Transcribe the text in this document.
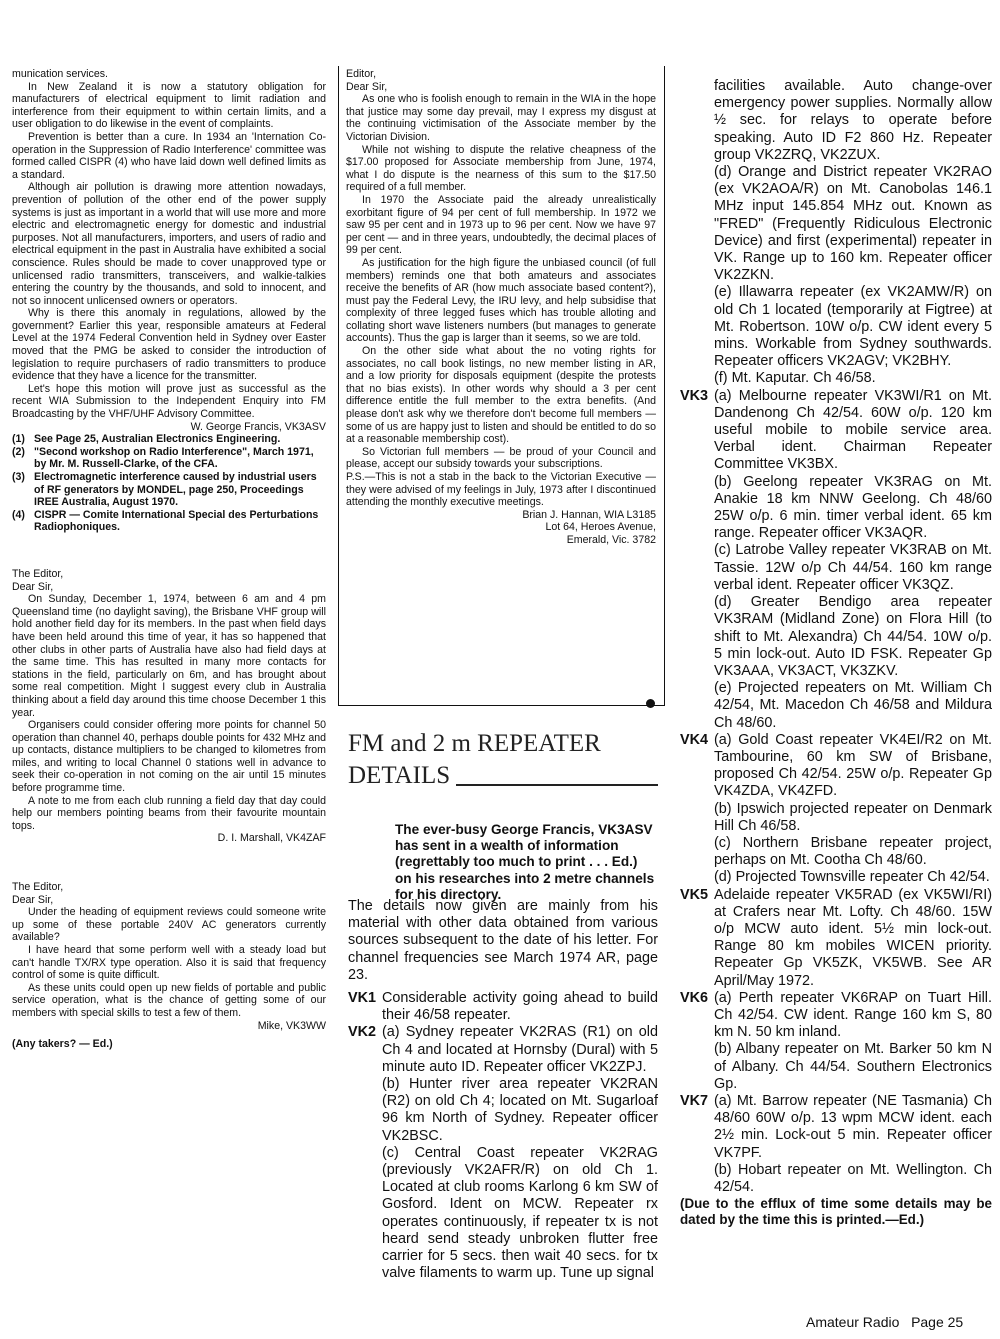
munication services.

In New Zealand it is now a statutory obligation for manufacturers of electrical equipment to limit radiation and interference from their equipment to within certain limits, and a user obligation to do likewise in the event of complaints.

Prevention is better than a cure. In 1934 an 'Internation Co-operation in the Suppression of Radio Interference' committee was formed called CISPR (4) who have laid down well defined limits as a standard.

Although air pollution is drawing more attention nowadays, prevention of pollution of the other end of the power supply systems is just as important in a world that will use more and more electric and electromagnetic energy for domestic and industrial purposes. Not all manufacturers, importers, and users of radio and electrical equipment in the past in Australia have exhibited a social conscience. Rules should be made to cover unapproved type or unlicensed radio transmitters, transceivers, and walkie-talkies entering the country by the thousands, and sold to innocent, and not so innocent unlicensed owners or operators.

Why is there this anomaly in regulations, allowed by the government? Earlier this year, responsible amateurs at Federal Level at the 1974 Federal Convention held in Sydney over Easter moved that the PMG be asked to consider the introduction of legislation to require purchasers of radio transmitters to produce evidence that they have a licence for the transmitter.

Let's hope this motion will prove just as successful as the recent WIA Submission to the Independent Enquiry into FM Broadcasting by the VHF/UHF Advisory Committee.

W. George Francis, VK3ASV

(1) See Page 25, Australian Electronics Engineering.
(2) "Second workshop on Radio Interference", March 1971, by Mr. M. Russell-Clarke, of the CFA.
(3) Electromagnetic interference caused by industrial users of RF generators by MONDEL, page 250, Proceedings IREE Australia, August 1970.
(4) CISPR — Comite International Special des Perturbations Radiophoniques.

The Editor,

Dear Sir,

On Sunday, December 1, 1974, between 6 am and 4 pm Queensland time (no daylight saving), the Brisbane VHF group will hold another field day for its members. In the past when field days have been held around this time of year, it has so happened that other clubs in other parts of Australia have also had field days at the same time. This has resulted in many more contacts for stations in the field, particularly on 6m, and has brought about some real competition. Might I suggest every club in Australia thinking about a field day around this time choose December 1 this year.

Organisers could consider offering more points for channel 50 operation than channel 40, perhaps double points for 432 MHz and up contacts, distance multipliers to be changed to kilometres from miles, and writing to local Channel 0 stations well in advance to seek their co-operation in not coming on the air until 15 minutes before programme time.

A note to me from each club running a field day that day could help our members pointing beams from their favourite mountain tops.

D. I. Marshall, VK4ZAF

The Editor,

Dear Sir,

Under the heading of equipment reviews could someone write up some of these portable 240V AC generators currently available?

I have heard that some perform well with a steady load but can't handle TX/RX type operation. Also it is said that frequency control of some is quite difficult.

As these units could open up new fields of portable and public service operation, what is the chance of getting some of our members with special skills to test a few of them.

Mike, VK3WW

(Any takers? — Ed.)

Editor,

Dear Sir,

As one who is foolish enough to remain in the WIA in the hope that justice may some day prevail, may I express my disgust at the continuing victimisation of the Associate member by the Victorian Division.

While not wishing to dispute the relative cheapness of the $17.00 proposed for Associate membership from June, 1974, what I do dispute is the nearness of this sum to the $17.50 required of a full member.

In 1970 the Associate paid the already unrealistically exorbitant figure of 94 per cent of full membership. In 1972 we saw 95 per cent and in 1973 up to 96 per cent. Now we have 97 per cent — and in three years, undoubtedly, the decimal places of 99 per cent.

As justification for the high figure the unbiased council (of full members) reminds one that both amateurs and associates receive the benefits of AR (how much associate based content?), must pay the Federal Levy, the IRU levy, and help subsidise that complexity of three legged fuses which has trouble alloting and collating short wave listeners numbers (but manages to generate accounts). Thus the gap is larger than it seems, so we are told.

On the other side what about the no voting rights for associates, no call book listings, no new member listing in AR, and a low priority for disposals equipment (despite the protests that no bias exists). In other words why should a 3 per cent difference entitle the full member to the extra benefits. (And please don't ask why we therefore don't become full members — some of us are happy just to listen and should be entitled to do so at a reasonable membership cost).

So Victorian full members — be proud of your Council and please, accept our subsidy towards your subscriptions.

P.S.—This is not a stab in the back to the Victorian Executive — they were advised of my feelings in July, 1973 after I discontinued attending the monthly executive meetings.

Brian J. Hannan, WIA L3185

Lot 64, Heroes Avenue,

Emerald, Vic. 3782

FM and 2 m REPEATER
DETAILS
The ever-busy George Francis, VK3ASV has sent in a wealth of information (regrettably too much to print . . . Ed.) on his researches into 2 metre channels for his directory.

The details now given are mainly from his material with other data obtained from various sources subsequent to the date of his letter. For channel frequencies see March 1974 AR, page 23.

VK1 Considerable activity going ahead to build their 46/58 repeater.
VK2 (a) Sydney repeater VK2RAS (R1) on old Ch 4 and located at Hornsby (Dural) with 5 minute auto ID. Repeater officer VK2ZPJ.
(b) Hunter river area repeater VK2RAN (R2) on old Ch 4; located on Mt. Sugarloaf 96 km North of Sydney. Repeater officer VK2BSC.
(c) Central Coast repeater VK2RAG (previously VK2AFR/R) on old Ch 1. Located at club rooms Karlong 6 km SW of Gosford. Ident on MCW. Repeater rx operates continuously, if repeater tx is not heard send steady unbroken flutter free carrier for 5 secs. then wait 40 secs. for tx valve filaments to warm up. Tune up signal
facilities available. Auto change-over emergency power supplies. Normally allow ½ sec. for relays to operate before speaking. Auto ID F2 860 Hz. Repeater group VK2ZRQ, VK2ZUX.
(d) Orange and District repeater VK2RAO (ex VK2AOA/R) on Mt. Canobolas 146.1 MHz input 145.854 MHz out. Known as "FRED" (Frequently Ridiculous Electronic Device) and first (experimental) repeater in VK. Range up to 160 km. Repeater officer VK2ZKN.
(e) Illawarra repeater (ex VK2AMW/R) on old Ch 1 located (temporarily at Figtree) at Mt. Robertson. 10W o/p. CW ident every 5 mins. Workable from Sydney southwards. Repeater officers VK2AGV; VK2BHY.
(f) Mt. Kaputar. Ch 46/58.
VK3 (a) Melbourne repeater VK3WI/R1 on Mt. Dandenong Ch 42/54. 60W o/p. 120 km useful mobile to mobile service area. Verbal ident. Chairman Repeater Committee VK3BX.
(b) Geelong repeater VK3RAG on Mt. Anakie 18 km NNW Geelong. Ch 48/60 25W o/p. 6 min. timer verbal ident. 65 km range. Repeater officer VK3AQR.
(c) Latrobe Valley repeater VK3RAB on Mt. Tassie. 12W o/p Ch 44/54. 160 km range verbal ident. Repeater officer VK3QZ.
(d) Greater Bendigo area repeater VK3RAM (Midland Zone) on Flora Hill (to shift to Mt. Alexandra) Ch 44/54. 10W o/p. 5 min lock-out. Auto ID FSK. Repeater Gp VK3AAA, VK3ACT, VK3ZKV.
(e) Projected repeaters on Mt. William Ch 42/54, Mt. Macedon Ch 46/58 and Mildura Ch 48/60.
VK4 (a) Gold Coast repeater VK4EI/R2 on Mt. Tambourine, 60 km SW of Brisbane, proposed Ch 42/54. 25W o/p. Repeater Gp VK4ZDA, VK4ZFD.
(b) Ipswich projected repeater on Denmark Hill Ch 46/58.
(c) Northern Brisbane repeater project, perhaps on Mt. Cootha Ch 48/60.
(d) Projected Townsville repeater Ch 42/54.
VK5 Adelaide repeater VK5RAD (ex VK5WI/RI) at Crafers near Mt. Lofty. Ch 48/60. 15W o/p MCW auto ident. 5½ min lock-out. Range 80 km mobiles WICEN priority. Repeater Gp VK5ZK, VK5WB. See AR April/May 1972.
VK6 (a) Perth repeater VK6RAP on Tuart Hill. Ch 42/54. CW ident. Range 160 km S, 80 km N. 50 km inland.
(b) Albany repeater on Mt. Barker 50 km N of Albany. Ch 44/54. Southern Electronics Gp.
VK7 (a) Mt. Barrow repeater (NE Tasmania) Ch 48/60 60W o/p. 13 wpm MCW ident. each 2½ min. Lock-out 5 min. Repeater officer VK7PF.
(b) Hobart repeater on Mt. Wellington. Ch 42/54.
(Due to the efflux of time some details may be dated by the time this is printed.—Ed.)
Amateur Radio Page 25
